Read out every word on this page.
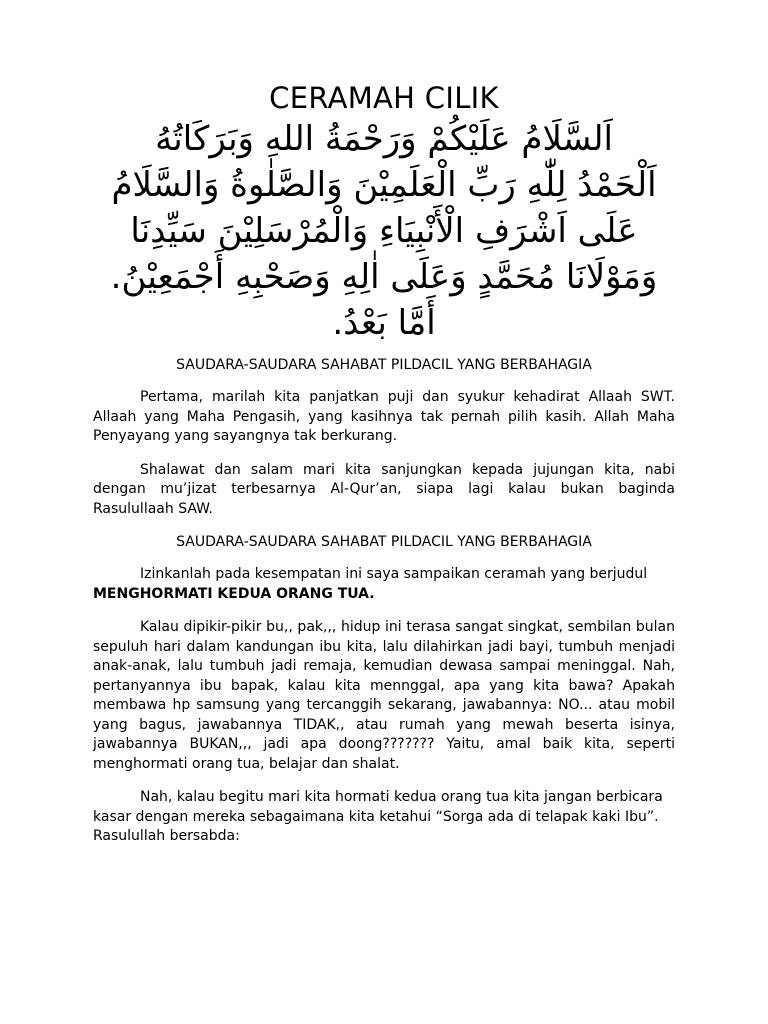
CERAMAH CILIK
اَلسَّلَامُ عَلَيْكُمْ وَرَحْمَةُ اللهِ وَبَرَكَاتُهُ
اَلْحَمْدُ لِلّٰهِ رَبِّ الْعَلَمِيْنَ وَالصَّلٰوةُ وَالسَّلَامُ
عَلَى اَشْرَفِ الْأَنْبِيَاءِ وَالْمُرْسَلِيْنَ سَيِّدِنَا
وَمَوْلَانَا مُحَمَّدٍ وَعَلَى اٰلِهِ وَصَحْبِهِ أَجْمَعِيْنُ.
أَمَّا بَعْدُ.
SAUDARA-SAUDARA SAHABAT PILDACIL YANG BERBAHAGIA

Pertama, marilah kita panjatkan puji dan syukur kehadirat Allaah SWT. Allaah yang Maha Pengasih, yang kasihnya tak pernah pilih kasih. Allah Maha Penyayang yang sayangnya tak berkurang.

Shalawat dan salam mari kita sanjungkan kepada jujungan kita, nabi dengan mu’jizat terbesarnya Al-Qur’an, siapa lagi kalau bukan baginda Rasulullaah SAW.

SAUDARA-SAUDARA SAHABAT PILDACIL YANG BERBAHAGIA

Izinkanlah pada kesempatan ini saya sampaikan ceramah yang berjudul MENGHORMATI KEDUA ORANG TUA.

Kalau dipikir-pikir bu,, pak,,, hidup ini terasa sangat singkat, sembilan bulan sepuluh hari dalam kandungan ibu kita, lalu dilahirkan jadi bayi, tumbuh menjadi anak-anak, lalu tumbuh jadi remaja, kemudian dewasa sampai meninggal. Nah, pertanyannya ibu bapak, kalau kita mennggal, apa yang kita bawa? Apakah membawa hp samsung yang tercanggih sekarang, jawabannya: NO... atau mobil yang bagus, jawabannya TIDAK,, atau rumah yang mewah beserta isinya, jawabannya BUKAN,,, jadi apa doong??????? Yaitu, amal baik kita, seperti menghormati orang tua, belajar dan shalat.

Nah, kalau begitu mari kita hormati kedua orang tua kita jangan berbicara kasar dengan mereka sebagaimana kita ketahui “Sorga ada di telapak kaki Ibu”. Rasulullah bersabda:
